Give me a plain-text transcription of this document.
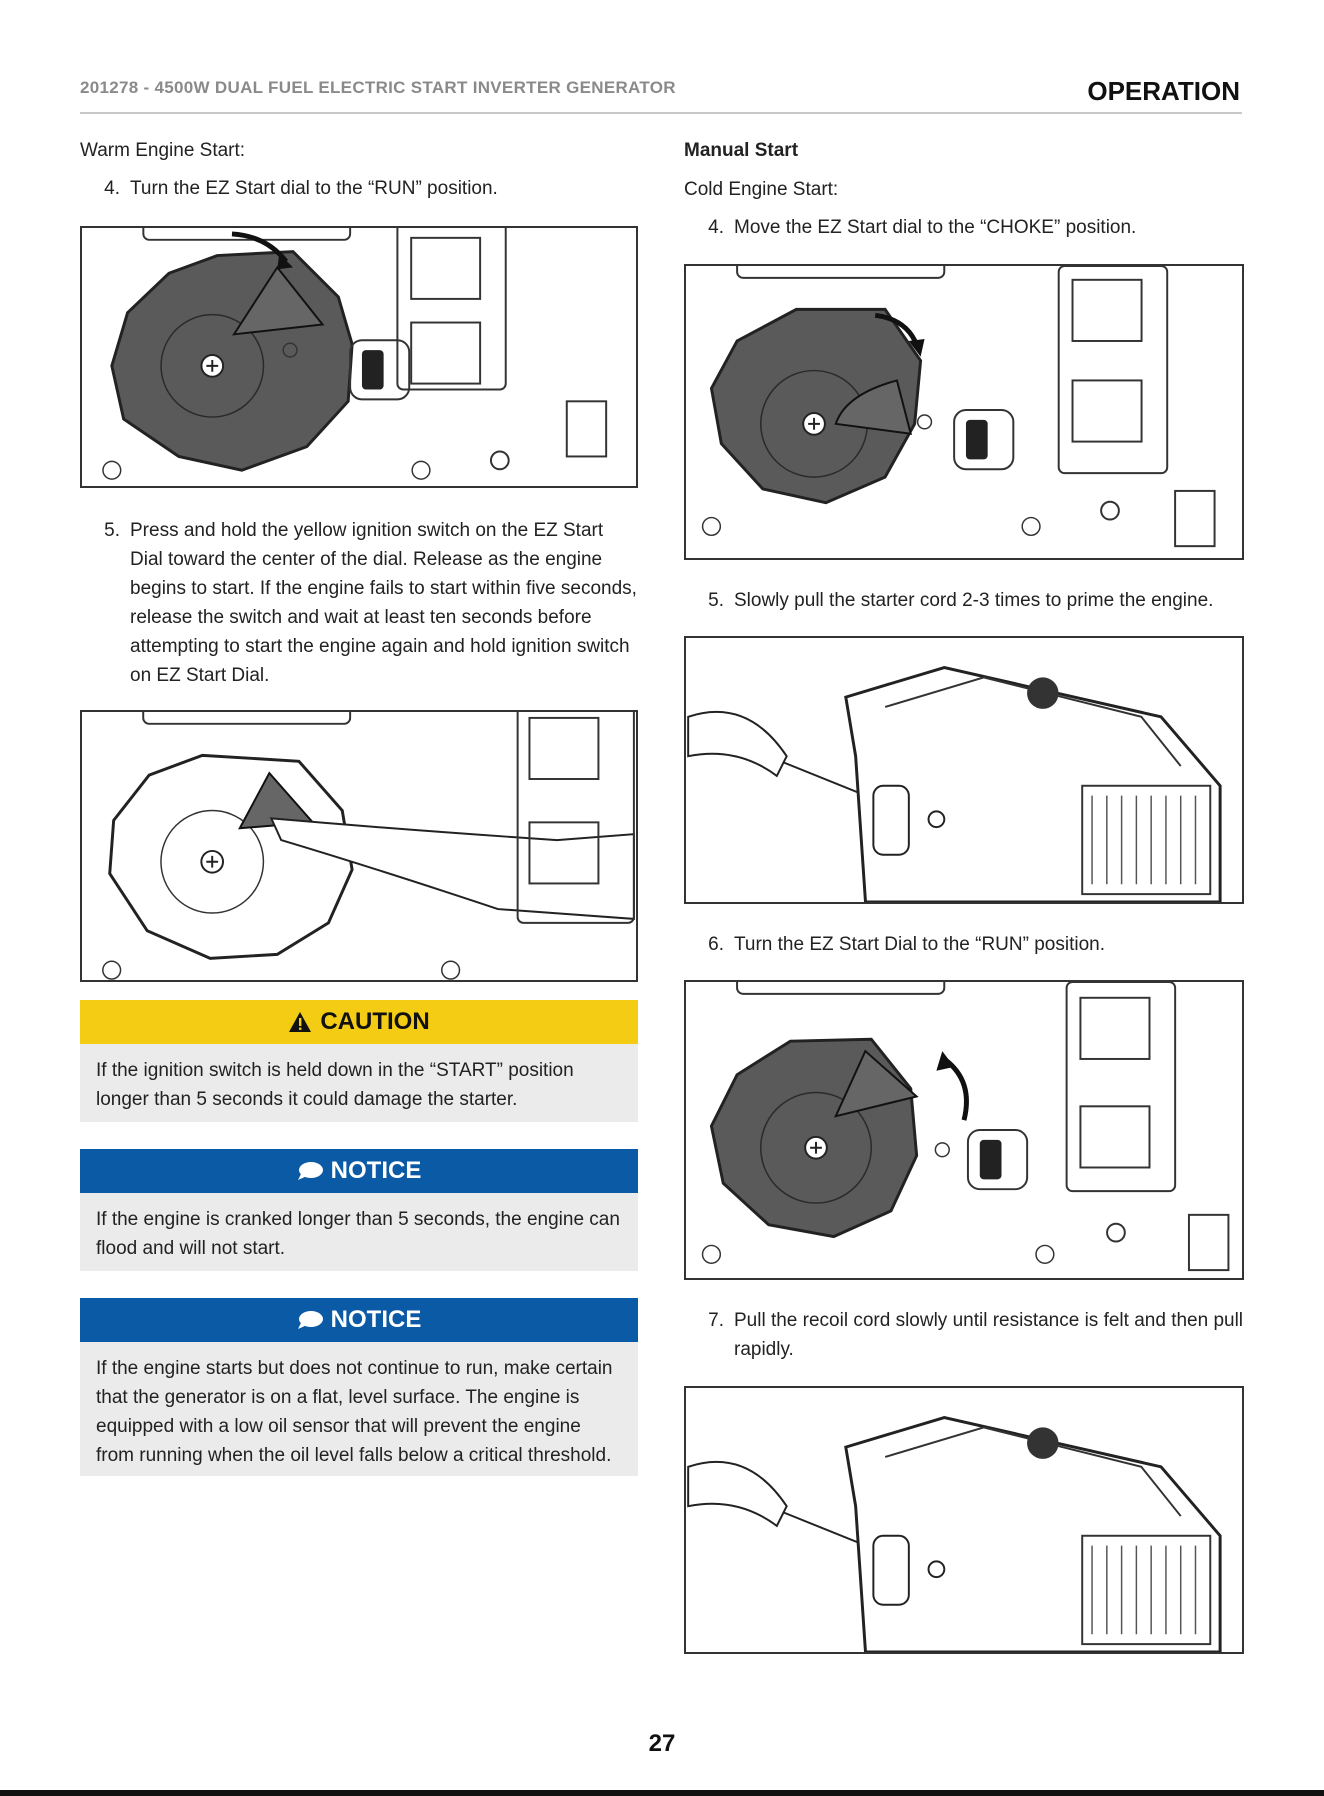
201278 - 4500W DUAL FUEL ELECTRIC START INVERTER GENERATOR	OPERATION
Warm Engine Start:
4. Turn the EZ Start dial to the “RUN” position.
5. Press and hold the yellow ignition switch on the EZ Start Dial toward the center of the dial. Release as the engine begins to start. If the engine fails to start within five seconds, release the switch and wait at least ten seconds before attempting to start the engine again and hold ignition switch on EZ Start Dial.
CAUTION
If the ignition switch is held down in the “START” position longer than 5 seconds it could damage the starter.
NOTICE
If the engine is cranked longer than 5 seconds, the engine can flood and will not start.
NOTICE
If the engine starts but does not continue to run, make certain that the generator is on a flat, level surface. The engine is equipped with a low oil sensor that will prevent the engine from running when the oil level falls below a critical threshold.
Manual Start
Cold Engine Start:
4. Move the EZ Start dial to the “CHOKE” position.
5. Slowly pull the starter cord 2-3 times to prime the engine.
6. Turn the EZ Start Dial to the “RUN” position.
7. Pull the recoil cord slowly until resistance is felt and then pull rapidly.
27
